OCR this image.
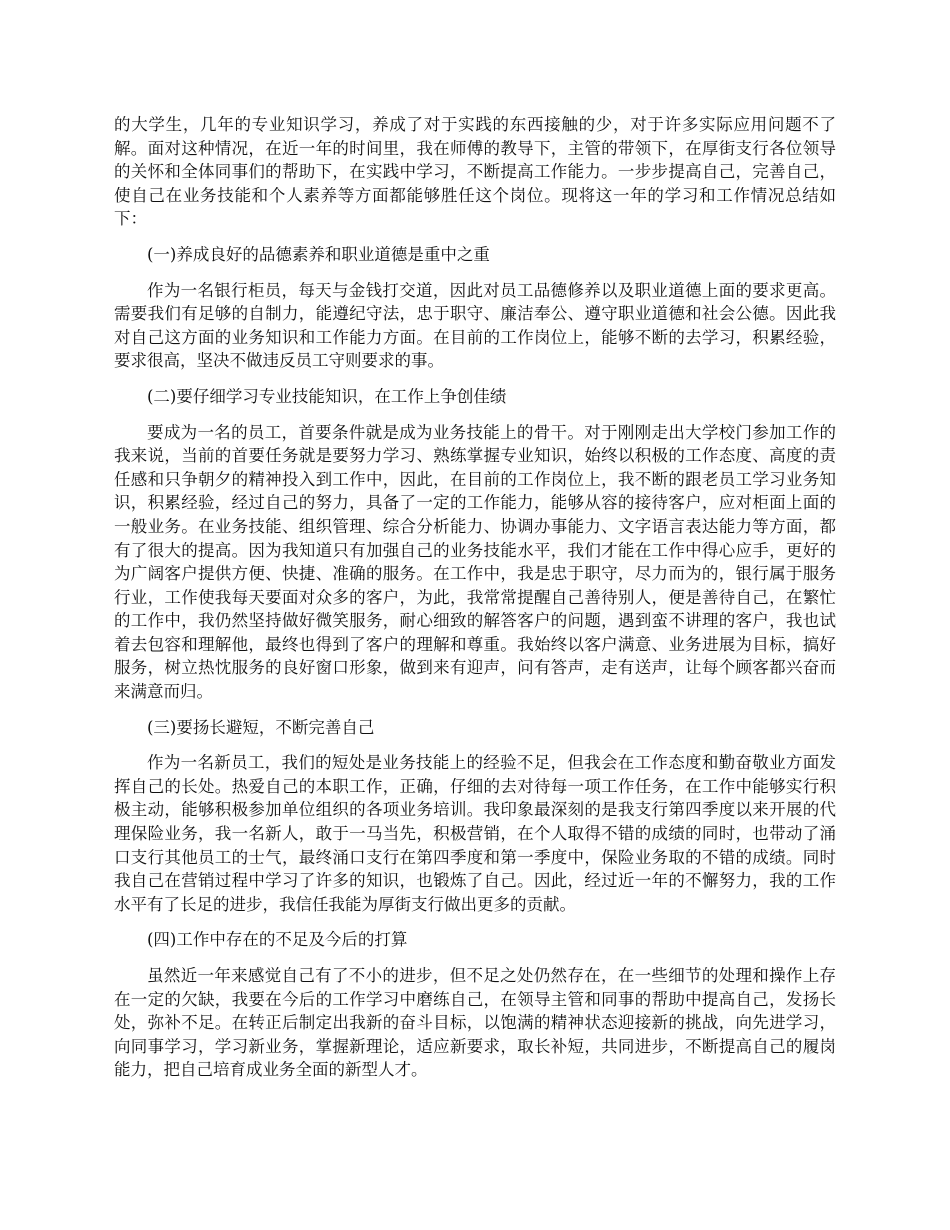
的大学生，几年的专业知识学习，养成了对于实践的东西接触的少，对于许多实际应用问题不了解。面对这种情况，在近一年的时间里，我在师傅的教导下，主管的带领下，在厚街支行各位领导的关怀和全体同事们的帮助下，在实践中学习，不断提高工作能力。一步步提高自己，完善自己，使自己在业务技能和个人素养等方面都能够胜任这个岗位。现将这一年的学习和工作情况总结如下：

(一)养成良好的品德素养和职业道德是重中之重

作为一名银行柜员，每天与金钱打交道，因此对员工品德修养以及职业道德上面的要求更高。需要我们有足够的自制力，能遵纪守法，忠于职守、廉洁奉公、遵守职业道德和社会公德。因此我对自己这方面的业务知识和工作能力方面。在目前的工作岗位上，能够不断的去学习，积累经验，要求很高，坚决不做违反员工守则要求的事。

(二)要仔细学习专业技能知识，在工作上争创佳绩

要成为一名的员工，首要条件就是成为业务技能上的骨干。对于刚刚走出大学校门参加工作的我来说，当前的首要任务就是要努力学习、熟练掌握专业知识，始终以积极的工作态度、高度的责任感和只争朝夕的精神投入到工作中，因此，在目前的工作岗位上，我不断的跟老员工学习业务知识，积累经验，经过自己的努力，具备了一定的工作能力，能够从容的接待客户，应对柜面上面的一般业务。在业务技能、组织管理、综合分析能力、协调办事能力、文字语言表达能力等方面，都有了很大的提高。因为我知道只有加强自己的业务技能水平，我们才能在工作中得心应手，更好的为广阔客户提供方便、快捷、准确的服务。在工作中，我是忠于职守，尽力而为的，银行属于服务行业，工作使我每天要面对众多的客户，为此，我常常提醒自己善待别人，便是善待自己，在繁忙的工作中，我仍然坚持做好微笑服务，耐心细致的解答客户的问题，遇到蛮不讲理的客户，我也试着去包容和理解他，最终也得到了客户的理解和尊重。我始终以客户满意、业务进展为目标，搞好服务，树立热忱服务的良好窗口形象，做到来有迎声，问有答声，走有送声，让每个顾客都兴奋而来满意而归。

(三)要扬长避短，不断完善自己

作为一名新员工，我们的短处是业务技能上的经验不足，但我会在工作态度和勤奋敬业方面发挥自己的长处。热爱自己的本职工作，正确，仔细的去对待每一项工作任务，在工作中能够实行积极主动，能够积极参加单位组织的各项业务培训。我印象最深刻的是我支行第四季度以来开展的代理保险业务，我一名新人，敢于一马当先，积极营销，在个人取得不错的成绩的同时，也带动了涌口支行其他员工的士气，最终涌口支行在第四季度和第一季度中，保险业务取的不错的成绩。同时我自己在营销过程中学习了许多的知识，也锻炼了自己。因此，经过近一年的不懈努力，我的工作水平有了长足的进步，我信任我能为厚街支行做出更多的贡献。

(四)工作中存在的不足及今后的打算

虽然近一年来感觉自己有了不小的进步，但不足之处仍然存在，在一些细节的处理和操作上存在一定的欠缺，我要在今后的工作学习中磨练自己，在领导主管和同事的帮助中提高自己，发扬长处，弥补不足。在转正后制定出我新的奋斗目标，以饱满的精神状态迎接新的挑战，向先进学习，向同事学习，学习新业务，掌握新理论，适应新要求，取长补短，共同进步，不断提高自己的履岗能力，把自己培育成业务全面的新型人才。
